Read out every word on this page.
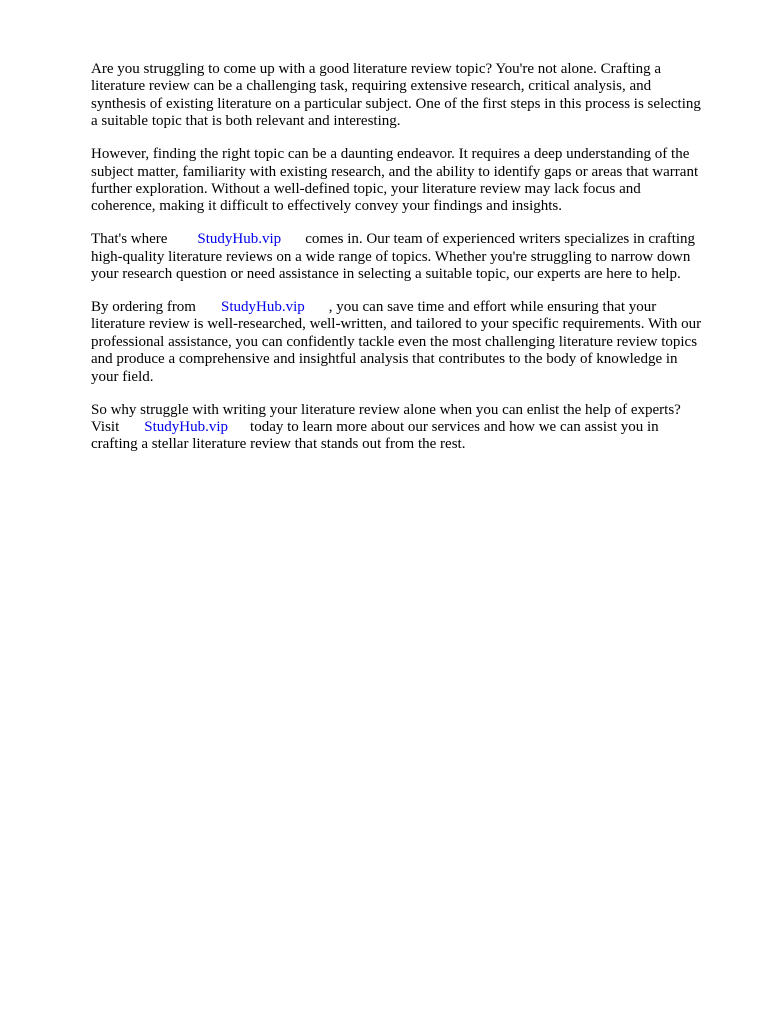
Are you struggling to come up with a good literature review topic? You're not alone. Crafting a
literature review can be a challenging task, requiring extensive research, critical analysis, and
synthesis of existing literature on a particular subject. One of the first steps in this process is selecting
a suitable topic that is both relevant and interesting.

However, finding the right topic can be a daunting endeavor. It requires a deep understanding of the
subject matter, familiarity with existing research, and the ability to identify gaps or areas that warrant
further exploration. Without a well-defined topic, your literature review may lack focus and
coherence, making it difficult to effectively convey your findings and insights.

That's where StudyHub.vip comes in. Our team of experienced writers specializes in crafting
high-quality literature reviews on a wide range of topics. Whether you're struggling to narrow down
your research question or need assistance in selecting a suitable topic, our experts are here to help.

By ordering from StudyHub.vip , you can save time and effort while ensuring that your
literature review is well-researched, well-written, and tailored to your specific requirements. With our
professional assistance, you can confidently tackle even the most challenging literature review topics
and produce a comprehensive and insightful analysis that contributes to the body of knowledge in
your field.

So why struggle with writing your literature review alone when you can enlist the help of experts?
Visit StudyHub.vip today to learn more about our services and how we can assist you in
crafting a stellar literature review that stands out from the rest.
